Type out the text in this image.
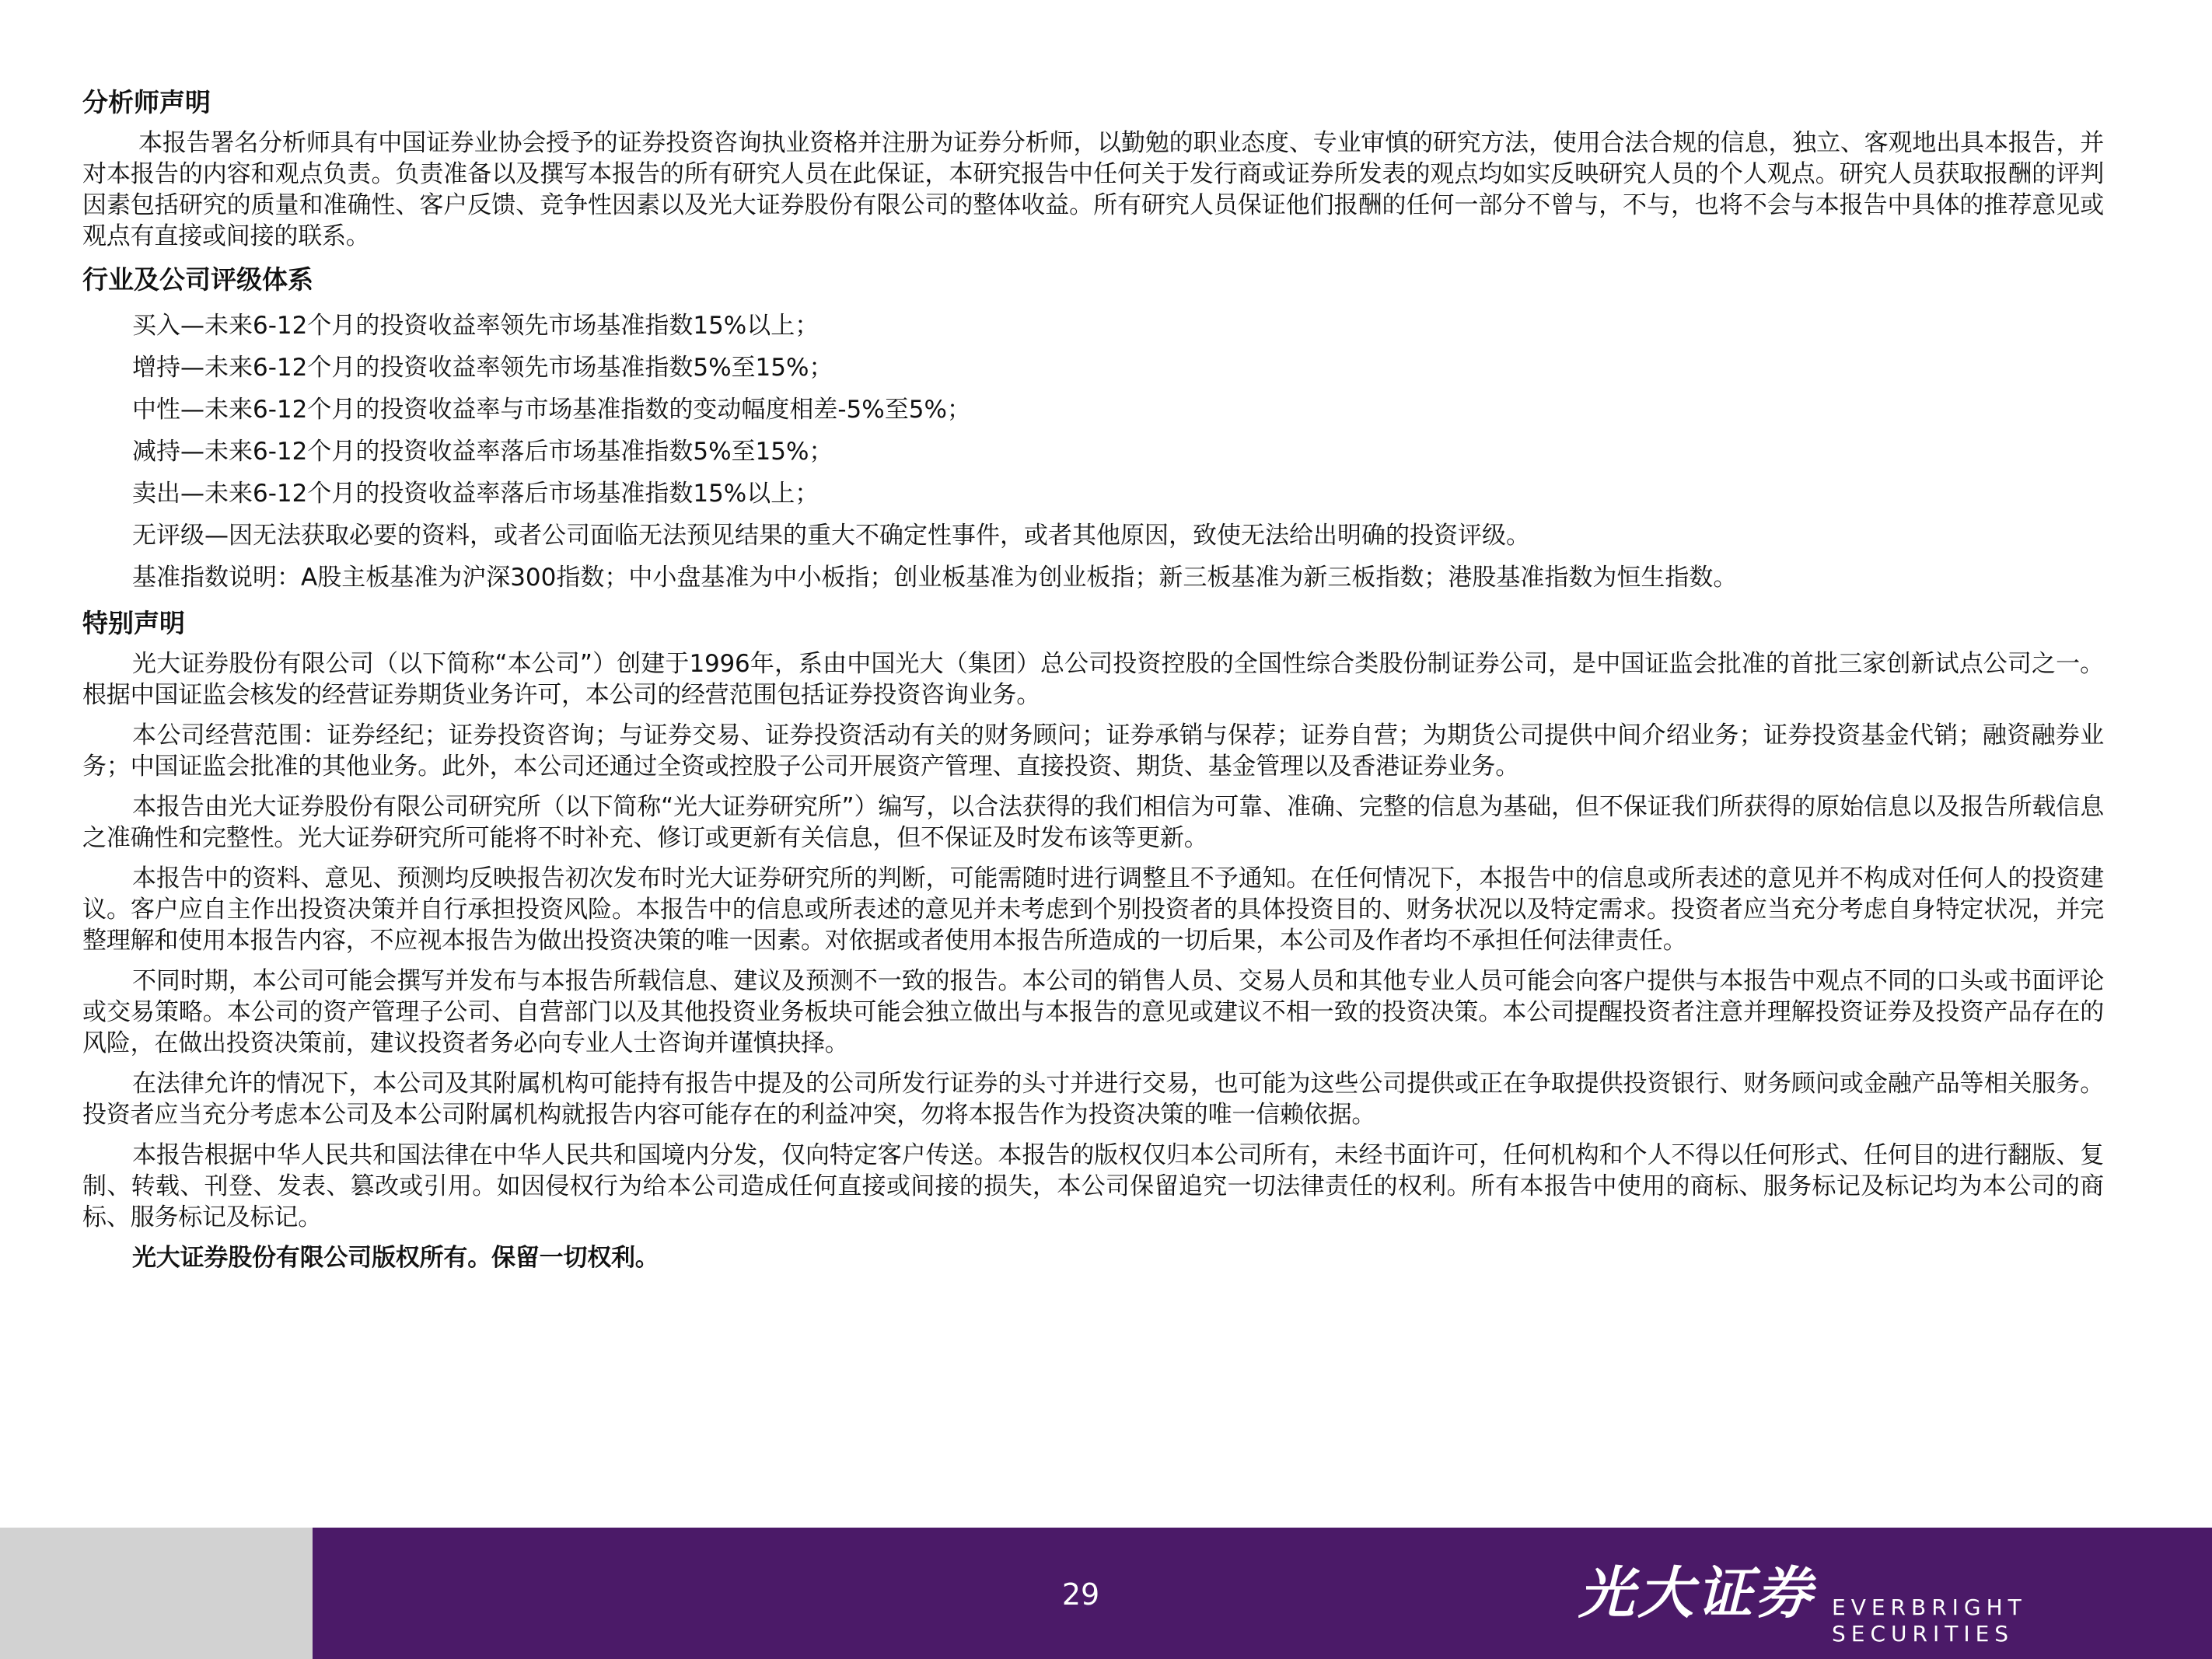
分析师声明

本报告署名分析师具有中国证券业协会授予的证券投资咨询执业资格并注册为证券分析师，以勤勉的职业态度、专业审慎的研究方法，使用合法合规的信息，独立、客观地出具本报告，并对本报告的内容和观点负责。负责准备以及撰写本报告的所有研究人员在此保证，本研究报告中任何关于发行商或证券所发表的观点均如实反映研究人员的个人观点。研究人员获取报酬的评判因素包括研究的质量和准确性、客户反馈、竞争性因素以及光大证券股份有限公司的整体收益。所有研究人员保证他们报酬的任何一部分不曾与，不与，也将不会与本报告中具体的推荐意见或观点有直接或间接的联系。

行业及公司评级体系
买入—未来6-12个月的投资收益率领先市场基准指数15%以上；
增持—未来6-12个月的投资收益率领先市场基准指数5%至15%；
中性—未来6-12个月的投资收益率与市场基准指数的变动幅度相差-5%至5%；
减持—未来6-12个月的投资收益率落后市场基准指数5%至15%；
卖出—未来6-12个月的投资收益率落后市场基准指数15%以上；
无评级—因无法获取必要的资料，或者公司面临无法预见结果的重大不确定性事件，或者其他原因，致使无法给出明确的投资评级。
基准指数说明：A股主板基准为沪深300指数；中小盘基准为中小板指；创业板基准为创业板指；新三板基准为新三板指数；港股基准指数为恒生指数。
特别声明

光大证券股份有限公司（以下简称“本公司”）创建于1996年，系由中国光大（集团）总公司投资控股的全国性综合类股份制证券公司，是中国证监会批准的首批三家创新试点公司之一。根据中国证监会核发的经营证券期货业务许可，本公司的经营范围包括证券投资咨询业务。

本公司经营范围：证券经纪；证券投资咨询；与证券交易、证券投资活动有关的财务顾问；证券承销与保荐；证券自营；为期货公司提供中间介绍业务；证券投资基金代销；融资融券业务；中国证监会批准的其他业务。此外，本公司还通过全资或控股子公司开展资产管理、直接投资、期货、基金管理以及香港证券业务。

本报告由光大证券股份有限公司研究所（以下简称“光大证券研究所”）编写，以合法获得的我们相信为可靠、准确、完整的信息为基础，但不保证我们所获得的原始信息以及报告所载信息之准确性和完整性。光大证券研究所可能将不时补充、修订或更新有关信息，但不保证及时发布该等更新。

本报告中的资料、意见、预测均反映报告初次发布时光大证券研究所的判断，可能需随时进行调整且不予通知。在任何情况下，本报告中的信息或所表述的意见并不构成对任何人的投资建议。客户应自主作出投资决策并自行承担投资风险。本报告中的信息或所表述的意见并未考虑到个别投资者的具体投资目的、财务状况以及特定需求。投资者应当充分考虑自身特定状况，并完整理解和使用本报告内容，不应视本报告为做出投资决策的唯一因素。对依据或者使用本报告所造成的一切后果，本公司及作者均不承担任何法律责任。

不同时期，本公司可能会撰写并发布与本报告所载信息、建议及预测不一致的报告。本公司的销售人员、交易人员和其他专业人员可能会向客户提供与本报告中观点不同的口头或书面评论或交易策略。本公司的资产管理子公司、自营部门以及其他投资业务板块可能会独立做出与本报告的意见或建议不相一致的投资决策。本公司提醒投资者注意并理解投资证券及投资产品存在的风险，在做出投资决策前，建议投资者务必向专业人士咨询并谨慎抉择。

在法律允许的情况下，本公司及其附属机构可能持有报告中提及的公司所发行证券的头寸并进行交易，也可能为这些公司提供或正在争取提供投资银行、财务顾问或金融产品等相关服务。投资者应当充分考虑本公司及本公司附属机构就报告内容可能存在的利益冲突，勿将本报告作为投资决策的唯一信赖依据。

本报告根据中华人民共和国法律在中华人民共和国境内分发，仅向特定客户传送。本报告的版权仅归本公司所有，未经书面许可，任何机构和个人不得以任何形式、任何目的进行翻版、复制、转载、刊登、发表、篡改或引用。如因侵权行为给本公司造成任何直接或间接的损失，本公司保留追究一切法律责任的权利。所有本报告中使用的商标、服务标记及标记均为本公司的商标、服务标记及标记。

光大证券股份有限公司版权所有。保留一切权利。

29	光大证券 EVERBRIGHT SECURITIES
